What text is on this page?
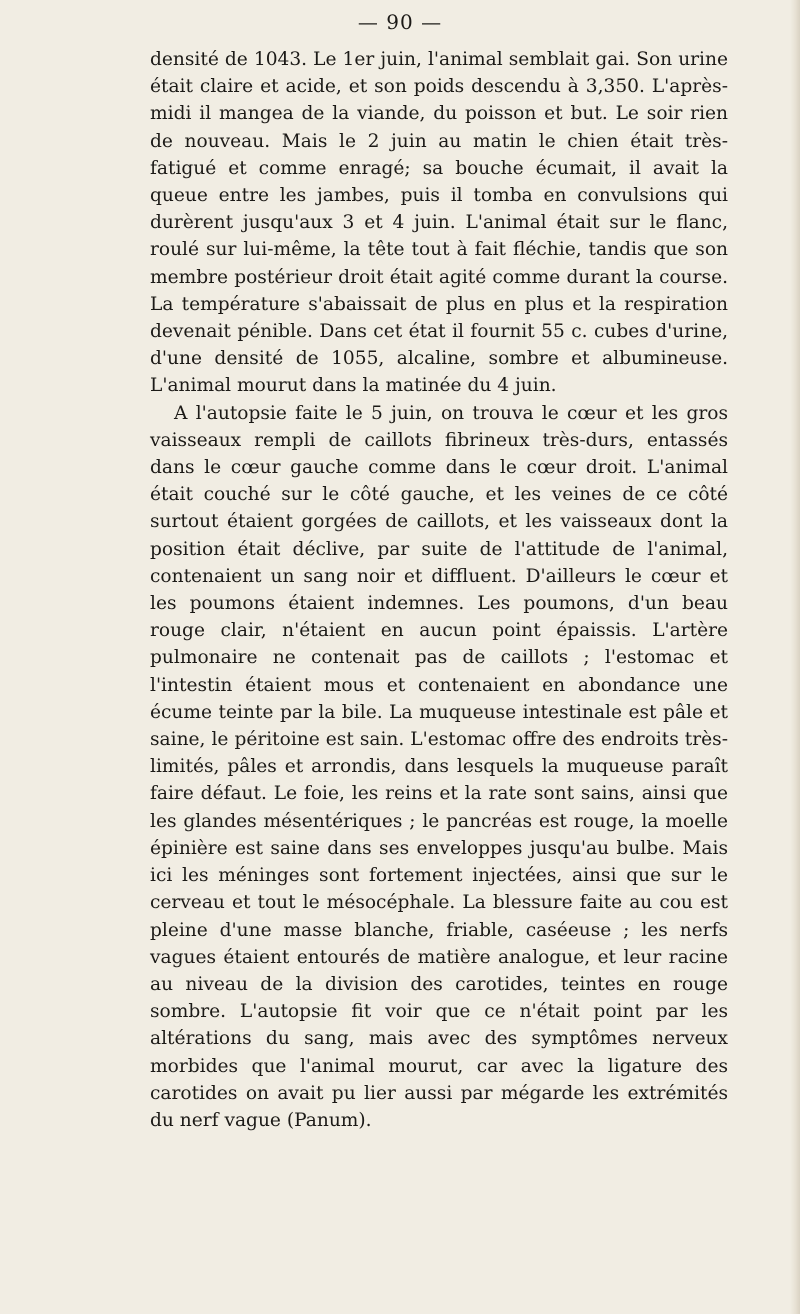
— 90 —

densité de 1043. Le 1er juin, l'animal semblait gai. Son urine était claire et acide, et son poids descendu à 3,350. L'après-midi il mangea de la viande, du poisson et but. Le soir rien de nouveau. Mais le 2 juin au matin le chien était très-fatigué et comme enragé; sa bouche écumait, il avait la queue entre les jambes, puis il tomba en convulsions qui durèrent jusqu'aux 3 et 4 juin. L'animal était sur le flanc, roulé sur lui-même, la tête tout à fait fléchie, tandis que son membre postérieur droit était agité comme durant la course. La température s'abaissait de plus en plus et la respiration devenait pénible. Dans cet état il fournit 55 c. cubes d'urine, d'une densité de 1055, alcaline, sombre et albumineuse. L'animal mourut dans la matinée du 4 juin.

A l'autopsie faite le 5 juin, on trouva le cœur et les gros vaisseaux rempli de caillots fibrineux très-durs, entassés dans le cœur gauche comme dans le cœur droit. L'animal était couché sur le côté gauche, et les veines de ce côté surtout étaient gorgées de caillots, et les vaisseaux dont la position était déclive, par suite de l'attitude de l'animal, contenaient un sang noir et diffluent. D'ailleurs le cœur et les poumons étaient indemnes. Les poumons, d'un beau rouge clair, n'étaient en aucun point épaissis. L'artère pulmonaire ne contenait pas de caillots ; l'estomac et l'intestin étaient mous et contenaient en abondance une écume teinte par la bile. La muqueuse intestinale est pâle et saine, le péritoine est sain. L'estomac offre des endroits très-limités, pâles et arrondis, dans lesquels la muqueuse paraît faire défaut. Le foie, les reins et la rate sont sains, ainsi que les glandes mésentériques ; le pancréas est rouge, la moelle épinière est saine dans ses enveloppes jusqu'au bulbe. Mais ici les méninges sont fortement injectées, ainsi que sur le cerveau et tout le mésocéphale. La blessure faite au cou est pleine d'une masse blanche, friable, caséeuse ; les nerfs vagues étaient entourés de matière analogue, et leur racine au niveau de la division des carotides, teintes en rouge sombre. L'autopsie fit voir que ce n'était point par les altérations du sang, mais avec des symptômes nerveux morbides que l'animal mourut, car avec la ligature des carotides on avait pu lier aussi par mégarde les extrémités du nerf vague (Panum).
